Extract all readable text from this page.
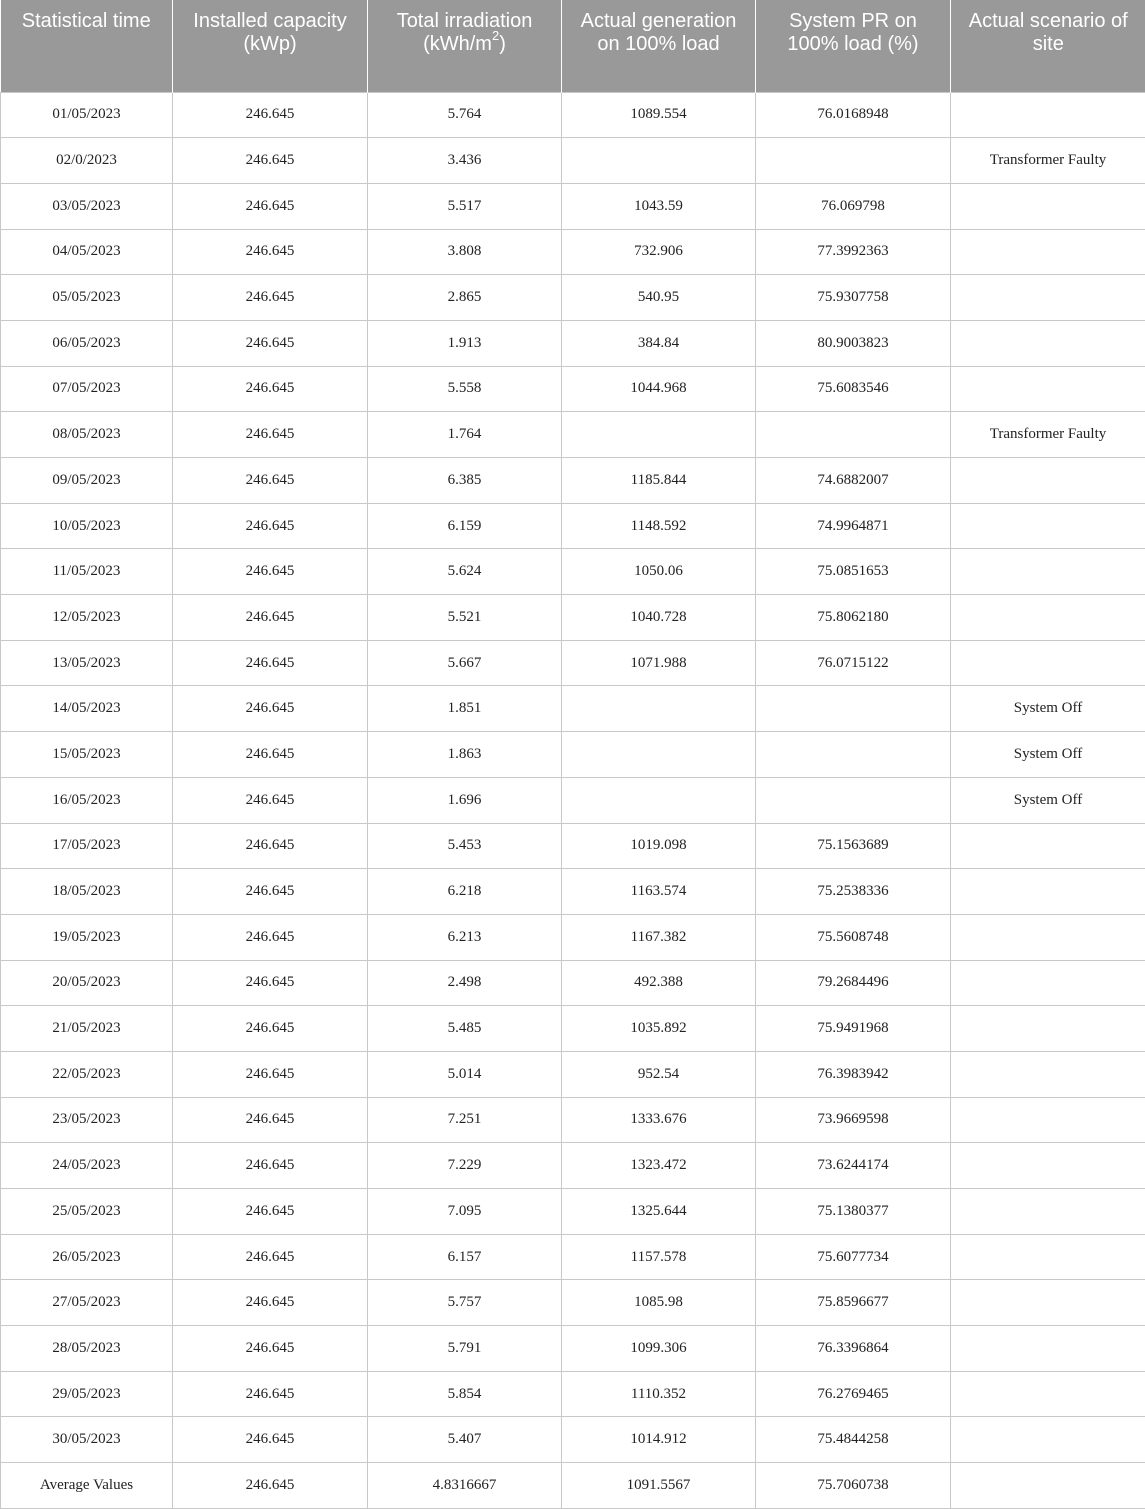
Statistical time	Installed capacity (kWp)	Total irradiation $(kWh/m^2)$	Actual generation on 100% load	System PR on 100% load (%)	Actual scenario of site
01/05/2023	246.645	5.764	1089.554	76.0168948	
02/0/2023	246.645	3.436			Transformer Faulty
03/05/2023	246.645	5.517	1043.59	76.069798	
04/05/2023	246.645	3.808	732.906	77.3992363	
05/05/2023	246.645	2.865	540.95	75.9307758	
06/05/2023	246.645	1.913	384.84	80.9003823	
07/05/2023	246.645	5.558	1044.968	75.6083546	
08/05/2023	246.645	1.764			Transformer Faulty
09/05/2023	246.645	6.385	1185.844	74.6882007	
10/05/2023	246.645	6.159	1148.592	74.9964871	
11/05/2023	246.645	5.624	1050.06	75.0851653	
12/05/2023	246.645	5.521	1040.728	75.8062180	
13/05/2023	246.645	5.667	1071.988	76.0715122	
14/05/2023	246.645	1.851			System Off
15/05/2023	246.645	1.863			System Off
16/05/2023	246.645	1.696			System Off
17/05/2023	246.645	5.453	1019.098	75.1563689	
18/05/2023	246.645	6.218	1163.574	75.2538336	
19/05/2023	246.645	6.213	1167.382	75.5608748	
20/05/2023	246.645	2.498	492.388	79.2684496	
21/05/2023	246.645	5.485	1035.892	75.9491968	
22/05/2023	246.645	5.014	952.54	76.3983942	
23/05/2023	246.645	7.251	1333.676	73.9669598	
24/05/2023	246.645	7.229	1323.472	73.6244174	
25/05/2023	246.645	7.095	1325.644	75.1380377	
26/05/2023	246.645	6.157	1157.578	75.6077734	
27/05/2023	246.645	5.757	1085.98	75.8596677	
28/05/2023	246.645	5.791	1099.306	76.3396864	
29/05/2023	246.645	5.854	1110.352	76.2769465	
30/05/2023	246.645	5.407	1014.912	75.4844258	
Average Values	246.645	4.8316667	1091.5567	75.7060738	
